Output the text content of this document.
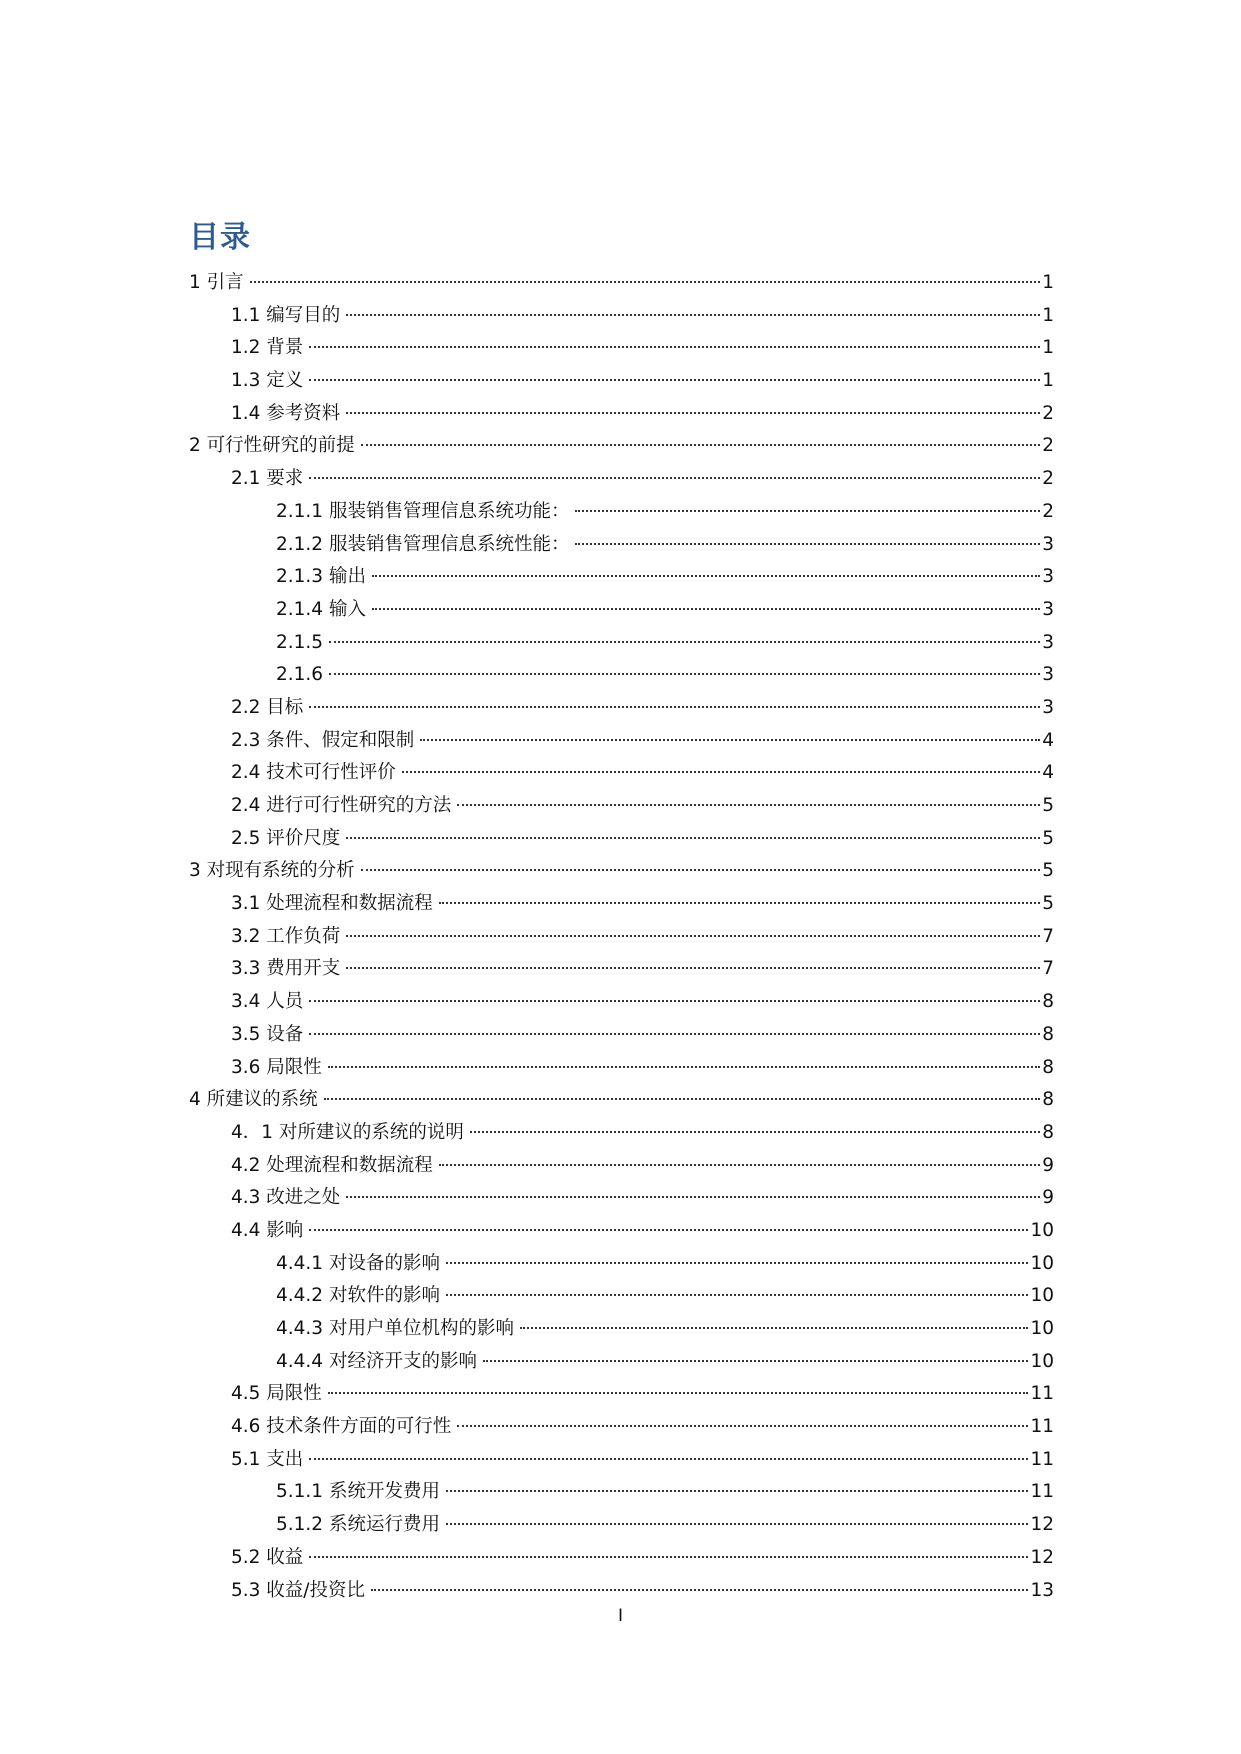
目录
1 引言	1
1.1 编写目的	1
1.2 背景	1
1.3 定义	1
1.4 参考资料	2
2 可行性研究的前提	2
2.1 要求	2
2.1.1 服装销售管理信息系统功能：	2
2.1.2 服装销售管理信息系统性能：	3
2.1.3 输出	3
2.1.4 输入	3
2.1.5	3
2.1.6	3
2.2 目标	3
2.3 条件、假定和限制	4
2.4 技术可行性评价	4
2.4 进行可行性研究的方法	5
2.5 评价尺度	5
3 对现有系统的分析	5
3.1 处理流程和数据流程	5
3.2 工作负荷	7
3.3 费用开支	7
3.4 人员	8
3.5 设备	8
3.6 局限性	8
4 所建议的系统	8
4．1 对所建议的系统的说明	8
4.2 处理流程和数据流程	9
4.3 改进之处	9
4.4 影响	10
4.4.1 对设备的影响	10
4.4.2 对软件的影响	10
4.4.3 对用户单位机构的影响	10
4.4.4 对经济开支的影响	10
4.5 局限性	11
4.6 技术条件方面的可行性	11
5.1 支出	11
5.1.1 系统开发费用	11
5.1.2 系统运行费用	12
5.2 收益	12
5.3 收益/投资比	13
I
